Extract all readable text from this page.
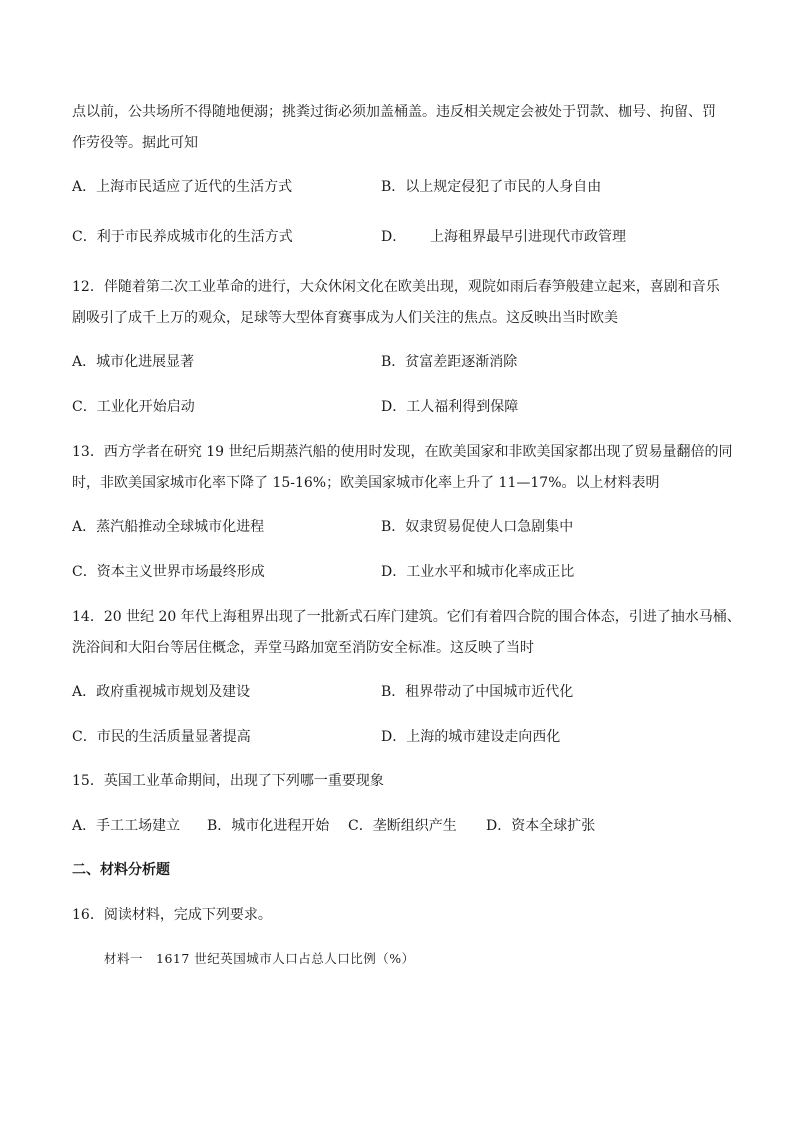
点以前，公共场所不得随地便溺；挑粪过街必须加盖桶盖。违反相关规定会被处于罚款、枷号、拘留、罚
作劳役等。据此可知
A．上海市民适应了近代的生活方式	B．以上规定侵犯了市民的人身自由
C．利于市民养成城市化的生活方式	D． 上海租界最早引进现代市政管理
12．伴随着第二次工业革命的进行，大众休闲文化在欧美出现，观院如雨后春笋般建立起来，喜剧和音乐
剧吸引了成千上万的观众，足球等大型体育赛事成为人们关注的焦点。这反映出当时欧美
A．城市化进展显著	B．贫富差距逐渐消除
C．工业化开始启动	D．工人福利得到保障
13．西方学者在研究 19 世纪后期蒸汽船的使用时发现，在欧美国家和非欧美国家都出现了贸易量翻倍的同
时，非欧美国家城市化率下降了 15-16%；欧美国家城市化率上升了 11—17%。以上材料表明
A．蒸汽船推动全球城市化进程	B．奴隶贸易促使人口急剧集中
C．资本主义世界市场最终形成	D．工业水平和城市化率成正比
14．20 世纪 20 年代上海租界出现了一批新式石库门建筑。它们有着四合院的围合体态，引进了抽水马桶、
洗浴间和大阳台等居住概念，弄堂马路加宽至消防安全标准。这反映了当时
A．政府重视城市规划及建设	B．租界带动了中国城市近代化
C．市民的生活质量显著提高	D．上海的城市建设走向西化
15．英国工业革命期间，出现了下列哪一重要现象
A．手工工场建立 B．城市化进程开始 C．垄断组织产生 D．资本全球扩张
二、材料分析题
16．阅读材料，完成下列要求。
材料一　1617 世纪英国城市人口占总人口比例（%）
